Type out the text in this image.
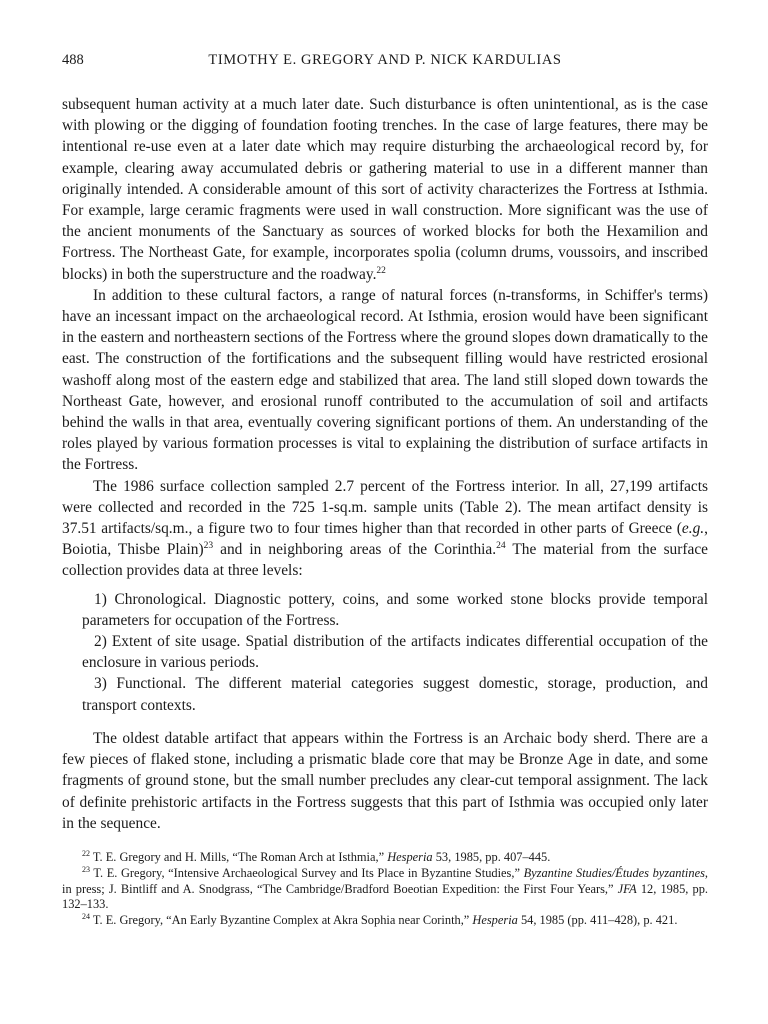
488	TIMOTHY E. GREGORY AND P. NICK KARDULIAS

subsequent human activity at a much later date. Such disturbance is often unintentional, as is the case with plowing or the digging of foundation footing trenches. In the case of large features, there may be intentional re-use even at a later date which may require disturbing the archaeological record by, for example, clearing away accumulated debris or gathering material to use in a different manner than originally intended. A considerable amount of this sort of activity characterizes the Fortress at Isthmia. For example, large ceramic fragments were used in wall construction. More significant was the use of the ancient monuments of the Sanctuary as sources of worked blocks for both the Hexamilion and Fortress. The Northeast Gate, for example, incorporates spolia (column drums, voussoirs, and inscribed blocks) in both the superstructure and the roadway.$^{22}$

In addition to these cultural factors, a range of natural forces (n-transforms, in Schiffer's terms) have an incessant impact on the archaeological record. At Isthmia, erosion would have been significant in the eastern and northeastern sections of the Fortress where the ground slopes down dramatically to the east. The construction of the fortifications and the subsequent filling would have restricted erosional washoff along most of the eastern edge and stabilized that area. The land still sloped down towards the Northeast Gate, however, and erosional runoff contributed to the accumulation of soil and artifacts behind the walls in that area, eventually covering significant portions of them. An understanding of the roles played by various formation processes is vital to explaining the distribution of surface artifacts in the Fortress.

The 1986 surface collection sampled 2.7 percent of the Fortress interior. In all, 27,199 artifacts were collected and recorded in the 725 1-sq.m. sample units (Table 2). The mean artifact density is 37.51 artifacts/sq.m., a figure two to four times higher than that recorded in other parts of Greece (e.g., Boiotia, Thisbe Plain)$^{23}$ and in neighboring areas of the Corinthia.$^{24}$ The material from the surface collection provides data at three levels:

1) Chronological. Diagnostic pottery, coins, and some worked stone blocks provide temporal parameters for occupation of the Fortress.
2) Extent of site usage. Spatial distribution of the artifacts indicates differential occupation of the enclosure in various periods.
3) Functional. The different material categories suggest domestic, storage, production, and transport contexts.

The oldest datable artifact that appears within the Fortress is an Archaic body sherd. There are a few pieces of flaked stone, including a prismatic blade core that may be Bronze Age in date, and some fragments of ground stone, but the small number precludes any clear-cut temporal assignment. The lack of definite prehistoric artifacts in the Fortress suggests that this part of Isthmia was occupied only later in the sequence.

$^{22}$ T. E. Gregory and H. Mills, “The Roman Arch at Isthmia,” Hesperia 53, 1985, pp. 407–445.

$^{23}$ T. E. Gregory, “Intensive Archaeological Survey and Its Place in Byzantine Studies,” Byzantine Studies/Études byzantines, in press; J. Bintliff and A. Snodgrass, “The Cambridge/Bradford Boeotian Expedition: the First Four Years,” JFA 12, 1985, pp. 132–133.

$^{24}$ T. E. Gregory, “An Early Byzantine Complex at Akra Sophia near Corinth,” Hesperia 54, 1985 (pp. 411–428), p. 421.
